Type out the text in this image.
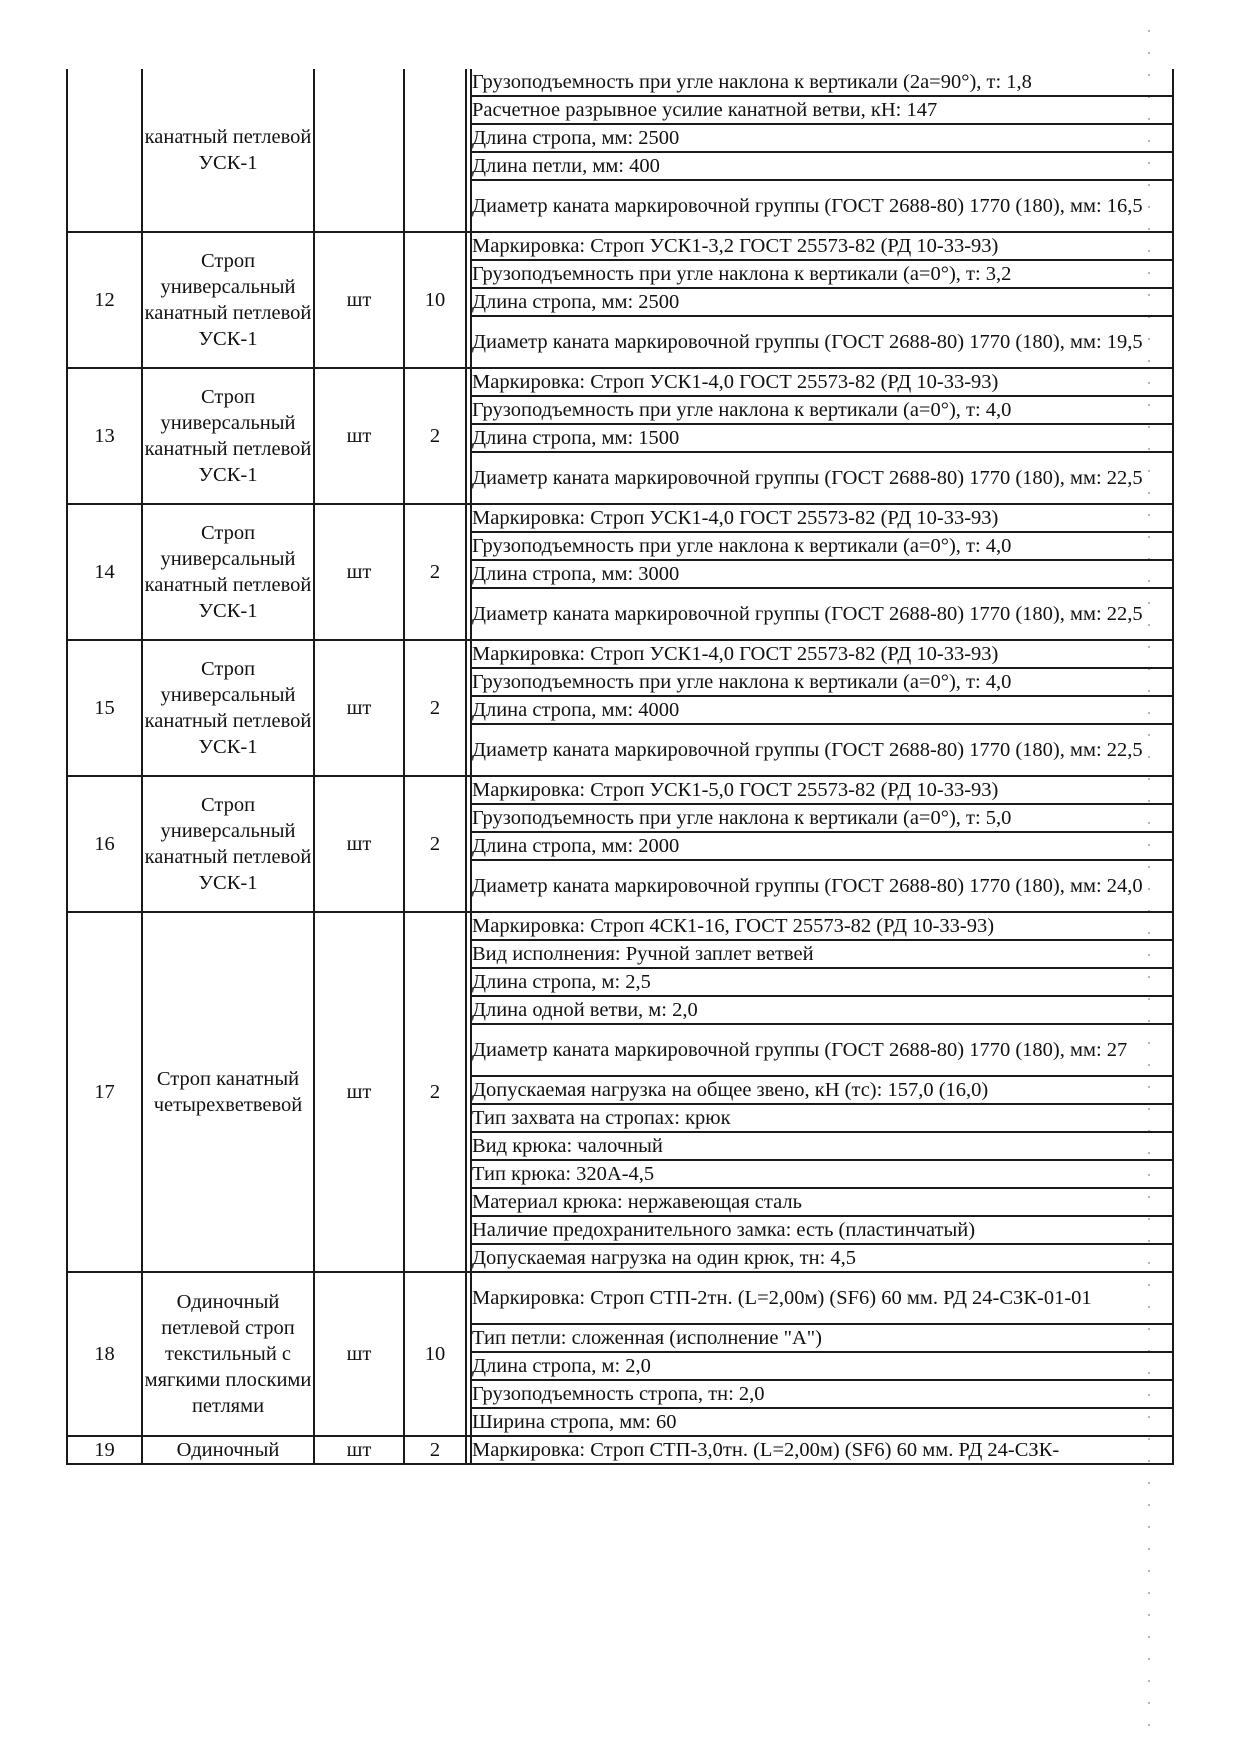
	канатный петлевой УСК-1				Грузоподъемность при угле наклона к вертикали (2a=90°), т: 1,8
					Расчетное разрывное усилие канатной ветви, кН: 147
					Длина стропа, мм: 2500
					Длина петли, мм: 400
					Диаметр каната маркировочной группы (ГОСТ 2688-80) 1770 (180), мм: 16,5
12	Строп универсальный канатный петлевой УСК-1	шт	10		Маркировка: Строп УСК1-3,2 ГОСТ 25573-82 (РД 10-33-93)
					Грузоподъемность при угле наклона к вертикали (a=0°), т: 3,2
					Длина стропа, мм: 2500
					Диаметр каната маркировочной группы (ГОСТ 2688-80) 1770 (180), мм: 19,5
13	Строп универсальный канатный петлевой УСК-1	шт	2		Маркировка: Строп УСК1-4,0 ГОСТ 25573-82 (РД 10-33-93)
					Грузоподъемность при угле наклона к вертикали (a=0°), т: 4,0
					Длина стропа, мм: 1500
					Диаметр каната маркировочной группы (ГОСТ 2688-80) 1770 (180), мм: 22,5
14	Строп универсальный канатный петлевой УСК-1	шт	2		Маркировка: Строп УСК1-4,0 ГОСТ 25573-82 (РД 10-33-93)
					Грузоподъемность при угле наклона к вертикали (a=0°), т: 4,0
					Длина стропа, мм: 3000
					Диаметр каната маркировочной группы (ГОСТ 2688-80) 1770 (180), мм: 22,5
15	Строп универсальный канатный петлевой УСК-1	шт	2		Маркировка: Строп УСК1-4,0 ГОСТ 25573-82 (РД 10-33-93)
					Грузоподъемность при угле наклона к вертикали (a=0°), т: 4,0
					Длина стропа, мм: 4000
					Диаметр каната маркировочной группы (ГОСТ 2688-80) 1770 (180), мм: 22,5
16	Строп универсальный канатный петлевой УСК-1	шт	2		Маркировка: Строп УСК1-5,0 ГОСТ 25573-82 (РД 10-33-93)
					Грузоподъемность при угле наклона к вертикали (a=0°), т: 5,0
					Длина стропа, мм: 2000
					Диаметр каната маркировочной группы (ГОСТ 2688-80) 1770 (180), мм: 24,0
17	Строп канатный четырехветвевой	шт	2		Маркировка: Строп 4СК1-16, ГОСТ 25573-82 (РД 10-33-93)
					Вид исполнения: Ручной заплет ветвей
					Длина стропа, м: 2,5
					Длина одной ветви, м: 2,0
					Диаметр каната маркировочной группы (ГОСТ 2688-80) 1770 (180), мм: 27
					Допускаемая нагрузка на общее звено, кН (тс): 157,0 (16,0)
					Тип захвата на стропах: крюк
					Вид крюка: чалочный
					Тип крюка: 320А-4,5
					Материал крюка: нержавеющая сталь
					Наличие предохранительного замка: есть (пластинчатый)
					Допускаемая нагрузка на один крюк, тн: 4,5
18	Одиночный петлевой строп текстильный с мягкими плоскими петлями	шт	10		Маркировка: Строп СТП-2тн. (L=2,00м) (SF6) 60 мм. РД 24-СЗК-01-01
					Тип петли: сложенная (исполнение "А")
					Длина стропа, м: 2,0
					Грузоподъемность стропа, тн: 2,0
					Ширина стропа, мм: 60
19	Одиночный	шт	2		Маркировка: Строп СТП-3,0тн. (L=2,00м) (SF6) 60 мм. РД 24-СЗК-
